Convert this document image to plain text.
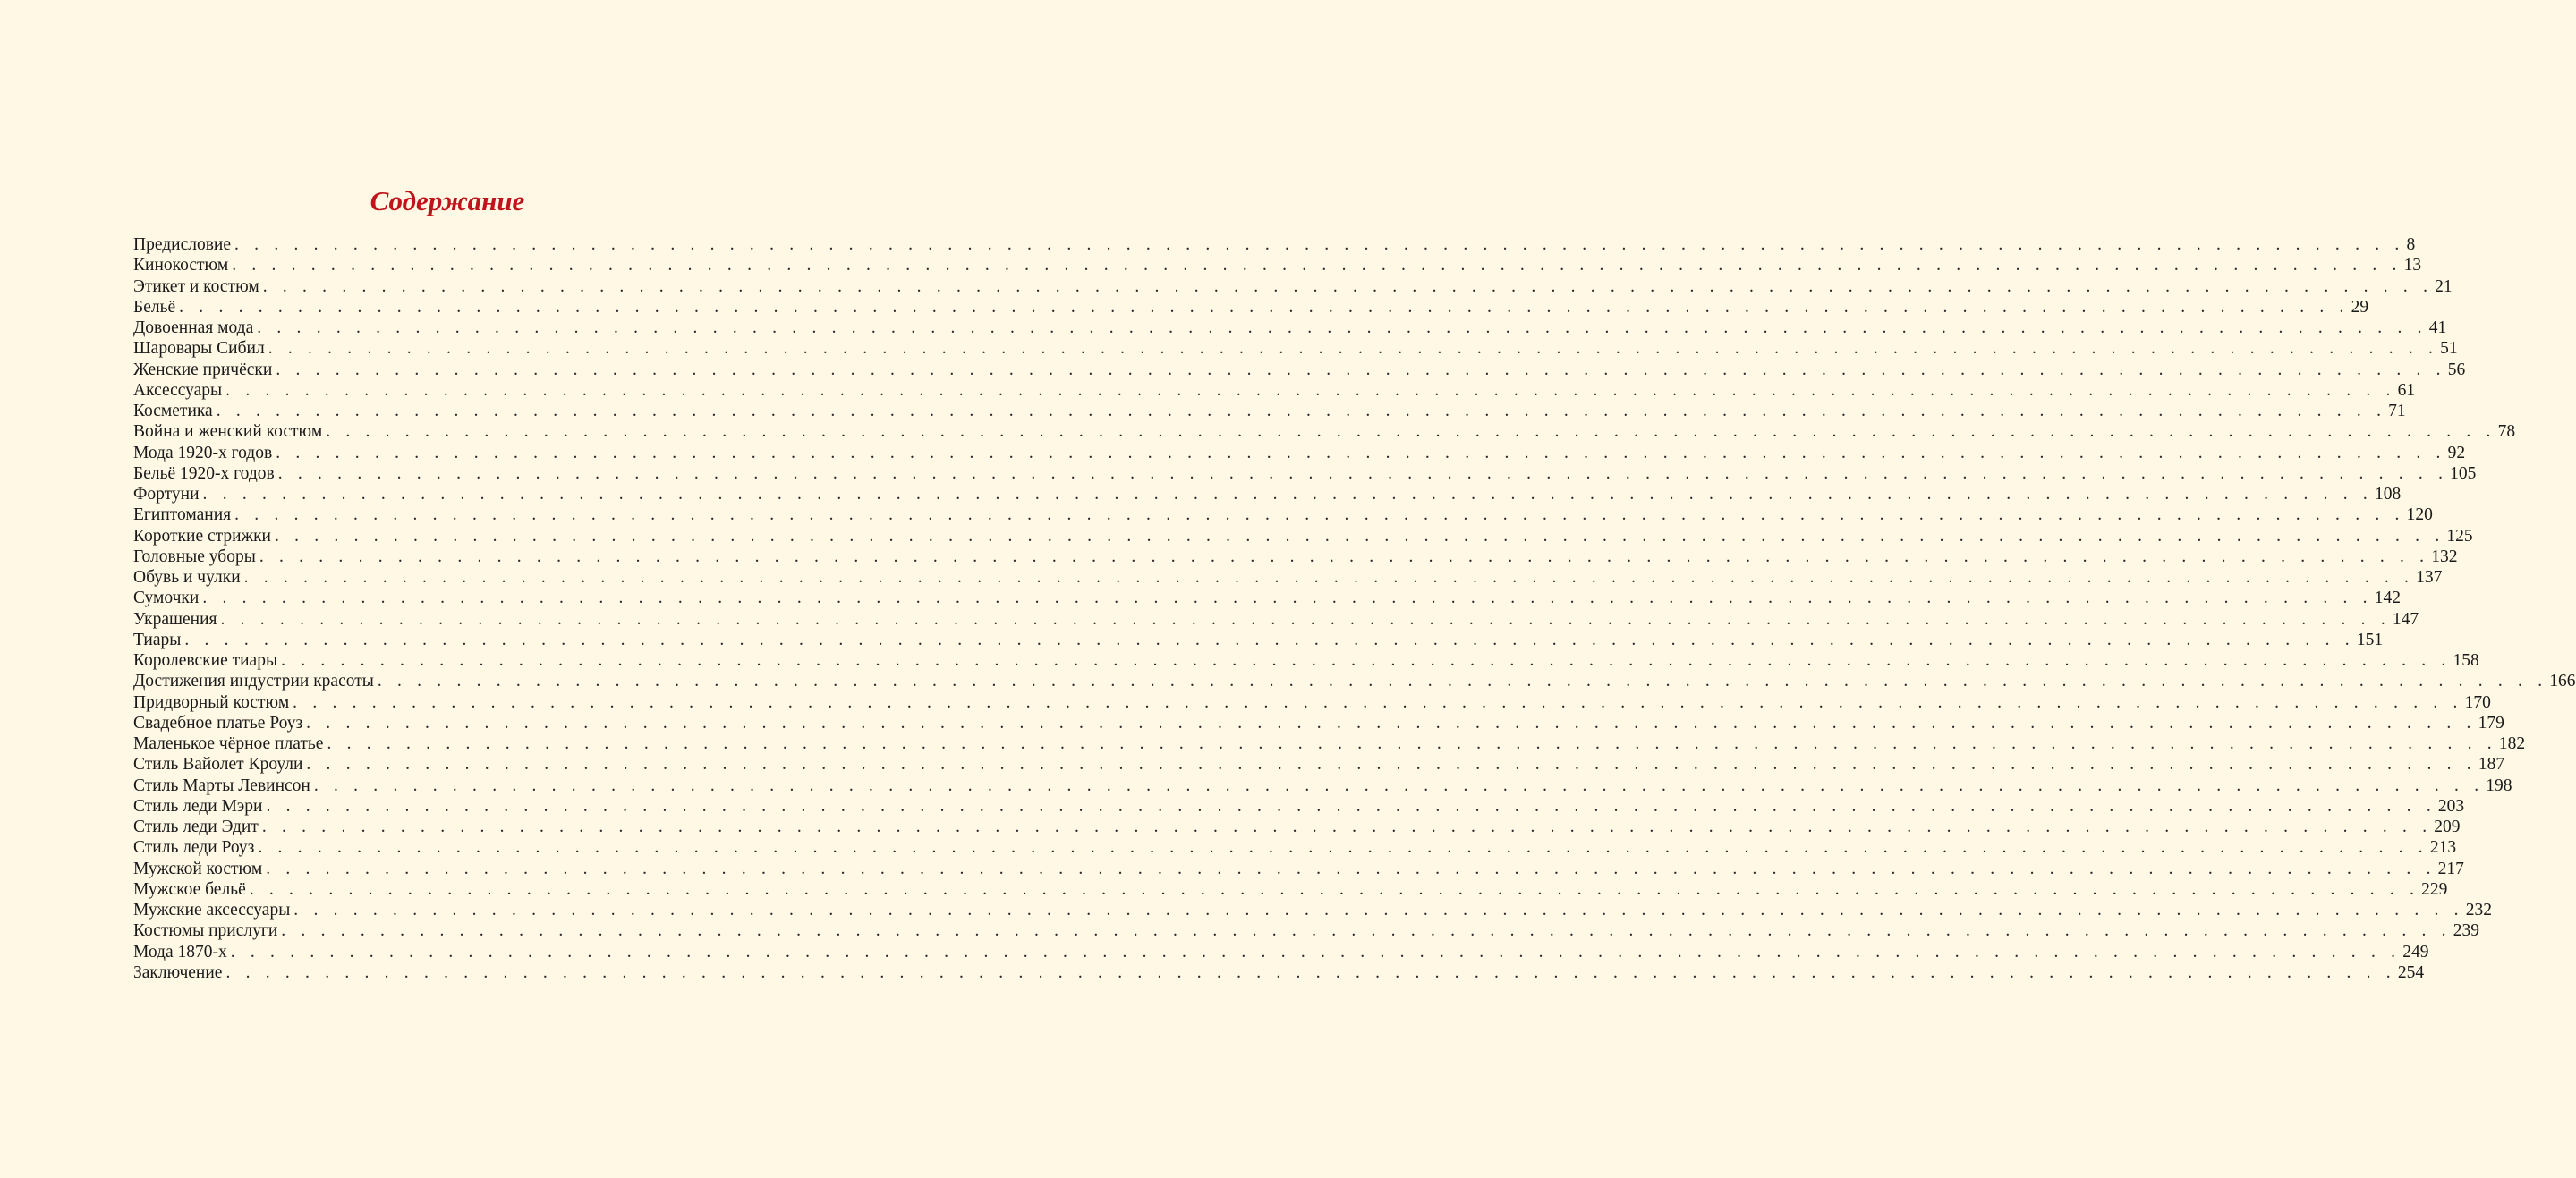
Содержание
Предисловие . . . . . . . . . . . . . . . . . . . . . . . . . . . . . . . . . . . . . . . . . . . . . . . . . . . . . . . . . . . . . . . . . . . . . . . . . . . . . . . . . . . . . . . . . . . . . . . . . . . . . . . . . . . . . . 8
Кинокостюм . . . . . . . . . . . . . . . . . . . . . . . . . . . . . . . . . . . . . . . . . . . . . . . . . . . . . . . . . . . . . . . . . . . . . . . . . . . . . . . . . . . . . . . . . . . . . . . . . . . . . . . . . . . . . . 13
Этикет и костюм . . . . . . . . . . . . . . . . . . . . . . . . . . . . . . . . . . . . . . . . . . . . . . . . . . . . . . . . . . . . . . . . . . . . . . . . . . . . . . . . . . . . . . . . . . . . . . . . . . . . . . . . . . . . . . 21
Бельё . . . . . . . . . . . . . . . . . . . . . . . . . . . . . . . . . . . . . . . . . . . . . . . . . . . . . . . . . . . . . . . . . . . . . . . . . . . . . . . . . . . . . . . . . . . . . . . . . . . . . . . . . . . . . . 29
Довоенная мода . . . . . . . . . . . . . . . . . . . . . . . . . . . . . . . . . . . . . . . . . . . . . . . . . . . . . . . . . . . . . . . . . . . . . . . . . . . . . . . . . . . . . . . . . . . . . . . . . . . . . . . . . . . . . . 41
Шаровары Сибил . . . . . . . . . . . . . . . . . . . . . . . . . . . . . . . . . . . . . . . . . . . . . . . . . . . . . . . . . . . . . . . . . . . . . . . . . . . . . . . . . . . . . . . . . . . . . . . . . . . . . . . . . . . . . . 51
Женские причёски . . . . . . . . . . . . . . . . . . . . . . . . . . . . . . . . . . . . . . . . . . . . . . . . . . . . . . . . . . . . . . . . . . . . . . . . . . . . . . . . . . . . . . . . . . . . . . . . . . . . . . . . . . . . . . 56
Аксессуары . . . . . . . . . . . . . . . . . . . . . . . . . . . . . . . . . . . . . . . . . . . . . . . . . . . . . . . . . . . . . . . . . . . . . . . . . . . . . . . . . . . . . . . . . . . . . . . . . . . . . . . . . . . . . . 61
Косметика . . . . . . . . . . . . . . . . . . . . . . . . . . . . . . . . . . . . . . . . . . . . . . . . . . . . . . . . . . . . . . . . . . . . . . . . . . . . . . . . . . . . . . . . . . . . . . . . . . . . . . . . . . . . . . 71
Война и женский костюм . . . . . . . . . . . . . . . . . . . . . . . . . . . . . . . . . . . . . . . . . . . . . . . . . . . . . . . . . . . . . . . . . . . . . . . . . . . . . . . . . . . . . . . . . . . . . . . . . . . . . . . . . . . . . . 78
Мода 1920-х годов . . . . . . . . . . . . . . . . . . . . . . . . . . . . . . . . . . . . . . . . . . . . . . . . . . . . . . . . . . . . . . . . . . . . . . . . . . . . . . . . . . . . . . . . . . . . . . . . . . . . . . . . . . . . . . 92
Бельё 1920-х годов . . . . . . . . . . . . . . . . . . . . . . . . . . . . . . . . . . . . . . . . . . . . . . . . . . . . . . . . . . . . . . . . . . . . . . . . . . . . . . . . . . . . . . . . . . . . . . . . . . . . . . . . . . . . . . 105
Фортуни . . . . . . . . . . . . . . . . . . . . . . . . . . . . . . . . . . . . . . . . . . . . . . . . . . . . . . . . . . . . . . . . . . . . . . . . . . . . . . . . . . . . . . . . . . . . . . . . . . . . . . . . . . . . . . 108
Египтомания . . . . . . . . . . . . . . . . . . . . . . . . . . . . . . . . . . . . . . . . . . . . . . . . . . . . . . . . . . . . . . . . . . . . . . . . . . . . . . . . . . . . . . . . . . . . . . . . . . . . . . . . . . . . . . 120
Короткие стрижки . . . . . . . . . . . . . . . . . . . . . . . . . . . . . . . . . . . . . . . . . . . . . . . . . . . . . . . . . . . . . . . . . . . . . . . . . . . . . . . . . . . . . . . . . . . . . . . . . . . . . . . . . . . . . . 125
Головные уборы . . . . . . . . . . . . . . . . . . . . . . . . . . . . . . . . . . . . . . . . . . . . . . . . . . . . . . . . . . . . . . . . . . . . . . . . . . . . . . . . . . . . . . . . . . . . . . . . . . . . . . . . . . . . . . 132
Обувь и чулки . . . . . . . . . . . . . . . . . . . . . . . . . . . . . . . . . . . . . . . . . . . . . . . . . . . . . . . . . . . . . . . . . . . . . . . . . . . . . . . . . . . . . . . . . . . . . . . . . . . . . . . . . . . . . . 137
Сумочки . . . . . . . . . . . . . . . . . . . . . . . . . . . . . . . . . . . . . . . . . . . . . . . . . . . . . . . . . . . . . . . . . . . . . . . . . . . . . . . . . . . . . . . . . . . . . . . . . . . . . . . . . . . . . . 142
Украшения . . . . . . . . . . . . . . . . . . . . . . . . . . . . . . . . . . . . . . . . . . . . . . . . . . . . . . . . . . . . . . . . . . . . . . . . . . . . . . . . . . . . . . . . . . . . . . . . . . . . . . . . . . . . . . 147
Тиары . . . . . . . . . . . . . . . . . . . . . . . . . . . . . . . . . . . . . . . . . . . . . . . . . . . . . . . . . . . . . . . . . . . . . . . . . . . . . . . . . . . . . . . . . . . . . . . . . . . . . . . . . . . . . . 151
Королевские тиары . . . . . . . . . . . . . . . . . . . . . . . . . . . . . . . . . . . . . . . . . . . . . . . . . . . . . . . . . . . . . . . . . . . . . . . . . . . . . . . . . . . . . . . . . . . . . . . . . . . . . . . . . . . . . . 158
Достижения индустрии красоты . . . . . . . . . . . . . . . . . . . . . . . . . . . . . . . . . . . . . . . . . . . . . . . . . . . . . . . . . . . . . . . . . . . . . . . . . . . . . . . . . . . . . . . . . . . . . . . . . . . . . . . . . . . . . . 166
Придворный костюм . . . . . . . . . . . . . . . . . . . . . . . . . . . . . . . . . . . . . . . . . . . . . . . . . . . . . . . . . . . . . . . . . . . . . . . . . . . . . . . . . . . . . . . . . . . . . . . . . . . . . . . . . . . . . . 170
Свадебное платье Роуз . . . . . . . . . . . . . . . . . . . . . . . . . . . . . . . . . . . . . . . . . . . . . . . . . . . . . . . . . . . . . . . . . . . . . . . . . . . . . . . . . . . . . . . . . . . . . . . . . . . . . . . . . . . . . . 179
Маленькое чёрное платье . . . . . . . . . . . . . . . . . . . . . . . . . . . . . . . . . . . . . . . . . . . . . . . . . . . . . . . . . . . . . . . . . . . . . . . . . . . . . . . . . . . . . . . . . . . . . . . . . . . . . . . . . . . . . . 182
Стиль Вайолет Кроули . . . . . . . . . . . . . . . . . . . . . . . . . . . . . . . . . . . . . . . . . . . . . . . . . . . . . . . . . . . . . . . . . . . . . . . . . . . . . . . . . . . . . . . . . . . . . . . . . . . . . . . . . . . . . . 187
Стиль Марты Левинсон . . . . . . . . . . . . . . . . . . . . . . . . . . . . . . . . . . . . . . . . . . . . . . . . . . . . . . . . . . . . . . . . . . . . . . . . . . . . . . . . . . . . . . . . . . . . . . . . . . . . . . . . . . . . . . 198
Стиль леди Мэри . . . . . . . . . . . . . . . . . . . . . . . . . . . . . . . . . . . . . . . . . . . . . . . . . . . . . . . . . . . . . . . . . . . . . . . . . . . . . . . . . . . . . . . . . . . . . . . . . . . . . . . . . . . . . . 203
Стиль леди Эдит . . . . . . . . . . . . . . . . . . . . . . . . . . . . . . . . . . . . . . . . . . . . . . . . . . . . . . . . . . . . . . . . . . . . . . . . . . . . . . . . . . . . . . . . . . . . . . . . . . . . . . . . . . . . . . 209
Стиль леди Роуз . . . . . . . . . . . . . . . . . . . . . . . . . . . . . . . . . . . . . . . . . . . . . . . . . . . . . . . . . . . . . . . . . . . . . . . . . . . . . . . . . . . . . . . . . . . . . . . . . . . . . . . . . . . . . . 213
Мужской костюм . . . . . . . . . . . . . . . . . . . . . . . . . . . . . . . . . . . . . . . . . . . . . . . . . . . . . . . . . . . . . . . . . . . . . . . . . . . . . . . . . . . . . . . . . . . . . . . . . . . . . . . . . . . . . . 217
Мужское бельё . . . . . . . . . . . . . . . . . . . . . . . . . . . . . . . . . . . . . . . . . . . . . . . . . . . . . . . . . . . . . . . . . . . . . . . . . . . . . . . . . . . . . . . . . . . . . . . . . . . . . . . . . . . . . . 229
Мужские аксессуары . . . . . . . . . . . . . . . . . . . . . . . . . . . . . . . . . . . . . . . . . . . . . . . . . . . . . . . . . . . . . . . . . . . . . . . . . . . . . . . . . . . . . . . . . . . . . . . . . . . . . . . . . . . . . . 232
Костюмы прислуги . . . . . . . . . . . . . . . . . . . . . . . . . . . . . . . . . . . . . . . . . . . . . . . . . . . . . . . . . . . . . . . . . . . . . . . . . . . . . . . . . . . . . . . . . . . . . . . . . . . . . . . . . . . . . . 239
Мода 1870-х . . . . . . . . . . . . . . . . . . . . . . . . . . . . . . . . . . . . . . . . . . . . . . . . . . . . . . . . . . . . . . . . . . . . . . . . . . . . . . . . . . . . . . . . . . . . . . . . . . . . . . . . . . . . . . 249
Заключение . . . . . . . . . . . . . . . . . . . . . . . . . . . . . . . . . . . . . . . . . . . . . . . . . . . . . . . . . . . . . . . . . . . . . . . . . . . . . . . . . . . . . . . . . . . . . . . . . . . . . . . . . . . . . . 254
